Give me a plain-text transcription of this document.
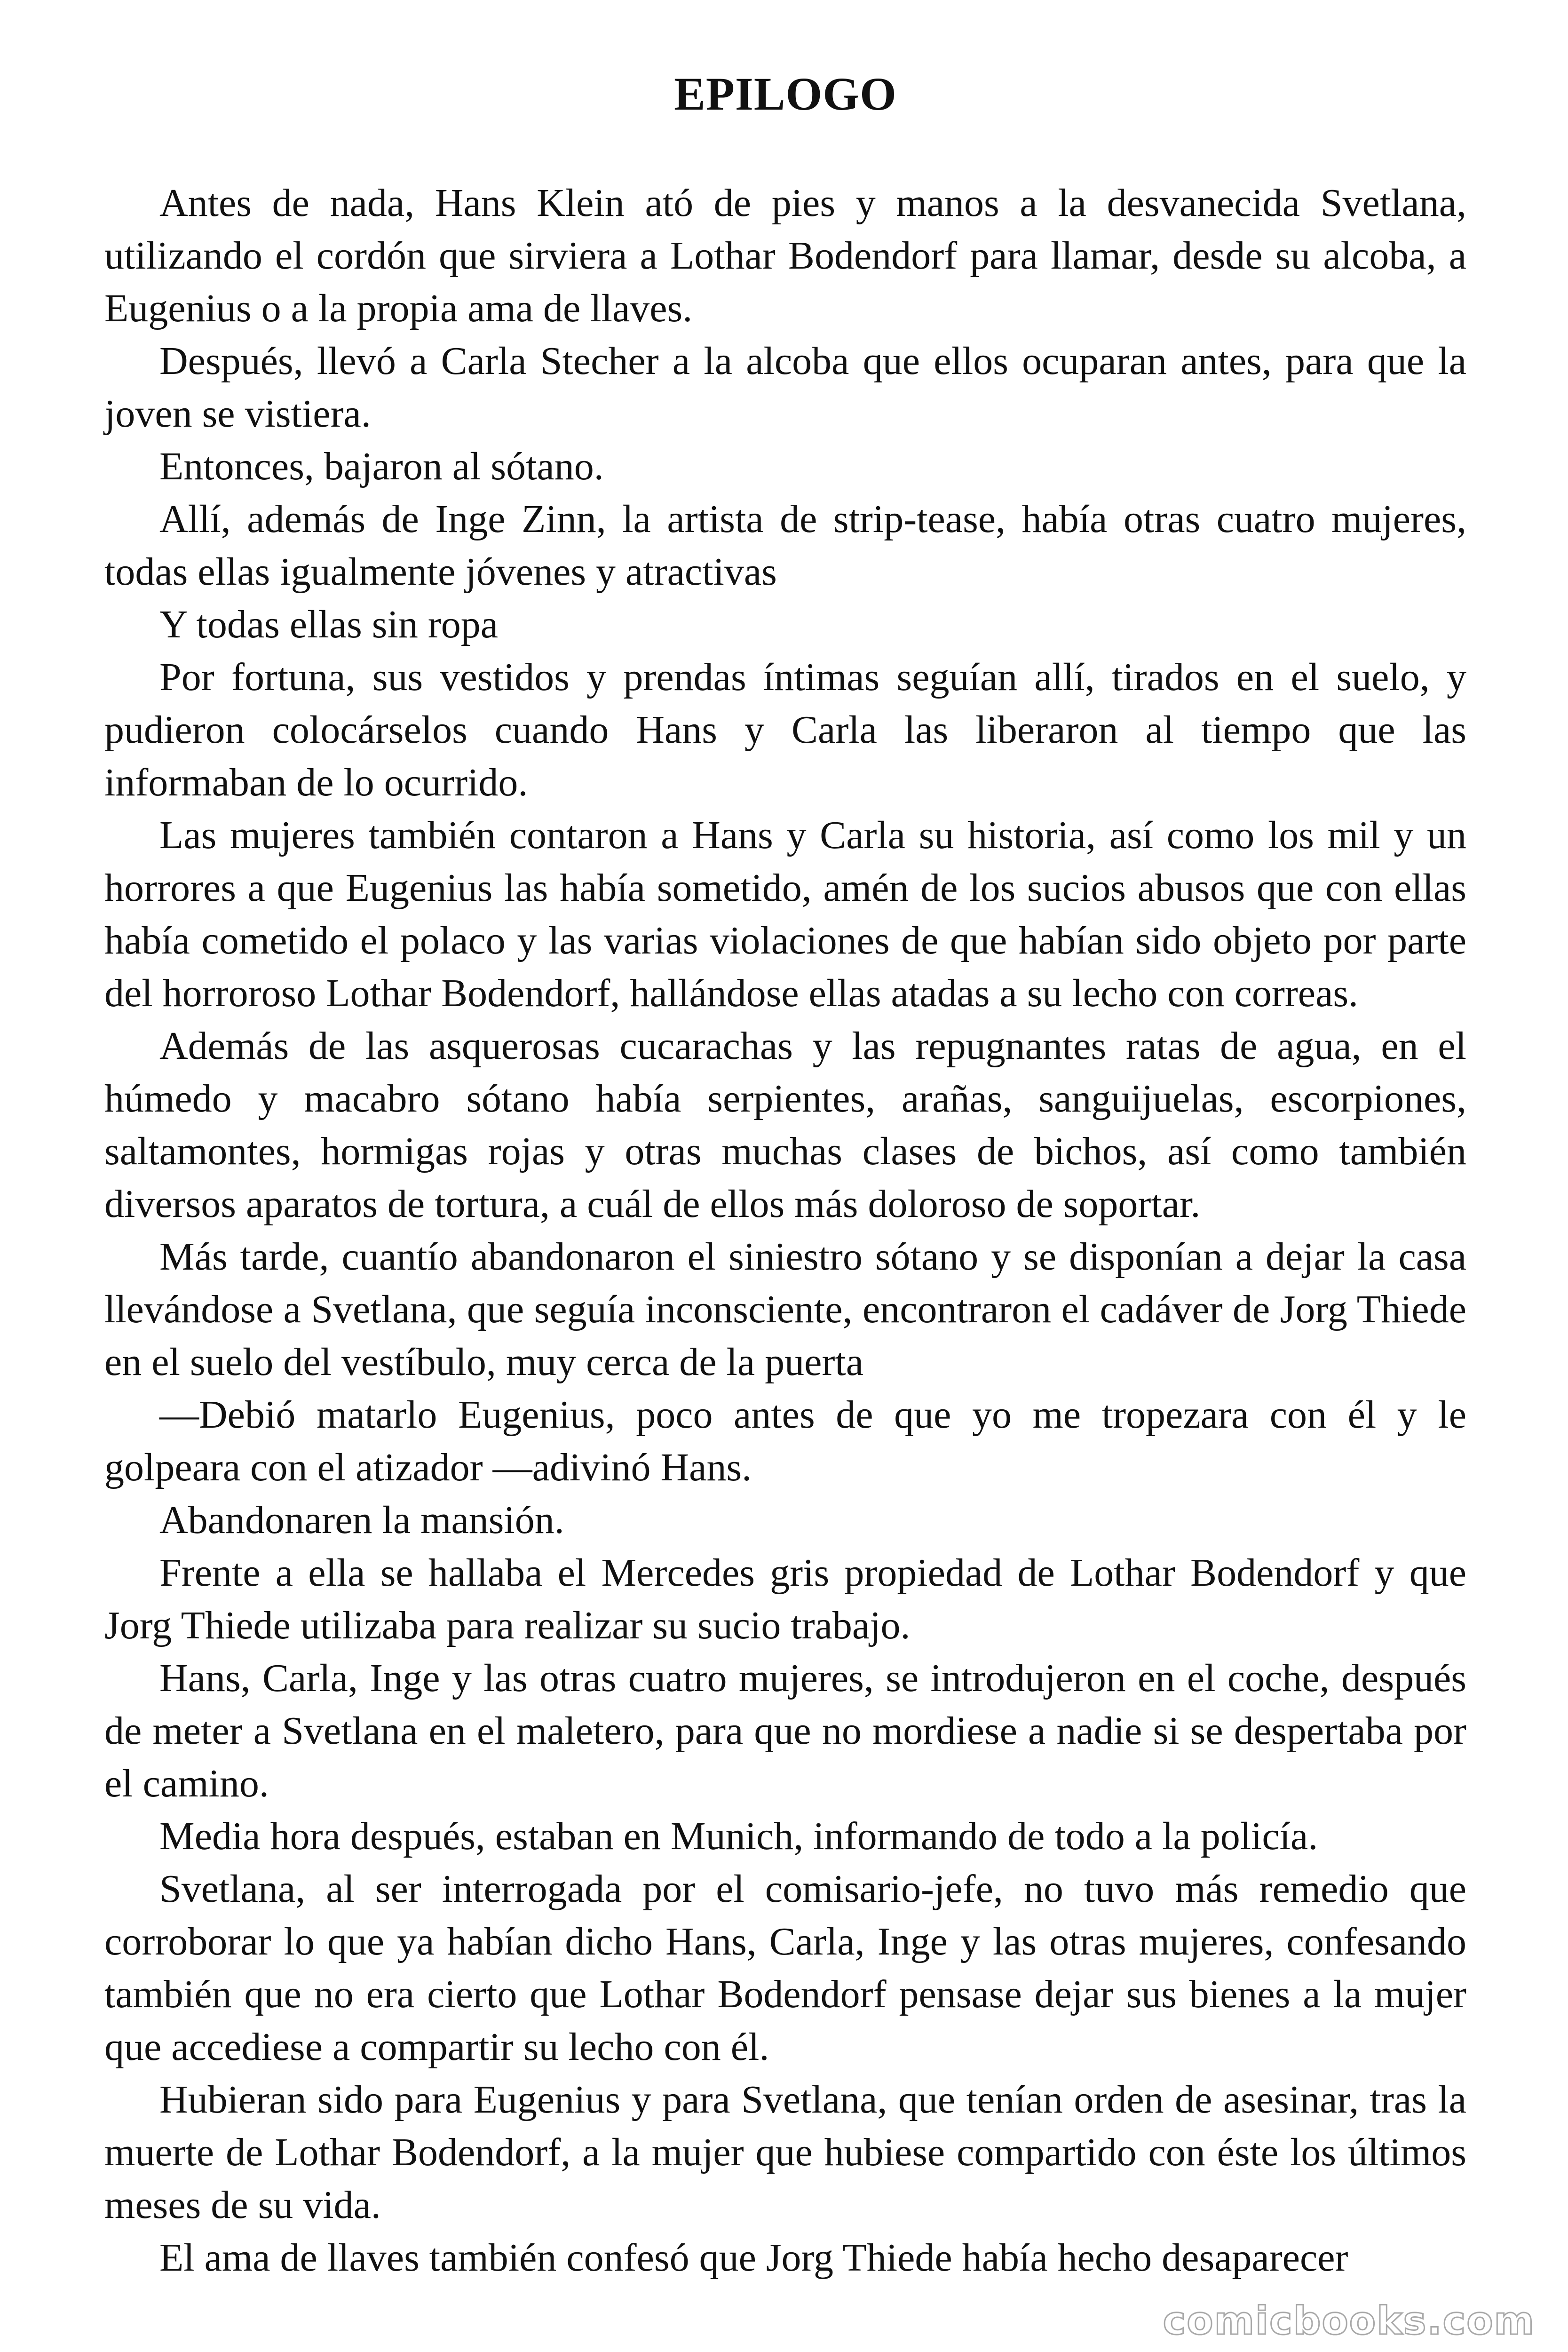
EPILOGO

Antes de nada, Hans Klein ató de pies y manos a la desvanecida Svetlana, utilizando el cordón que sirviera a Lothar Bodendorf para llamar, desde su alcoba, a Eugenius o a la propia ama de llaves.

Después, llevó a Carla Stecher a la alcoba que ellos ocuparan antes, para que la joven se vistiera.

Entonces, bajaron al sótano.

Allí, además de Inge Zinn, la artista de strip-tease, había otras cuatro mujeres, todas ellas igualmente jóvenes y atractivas

Y todas ellas sin ropa

Por fortuna, sus vestidos y prendas íntimas seguían allí, tirados en el suelo, y pudieron colocárselos cuando Hans y Carla las liberaron al tiempo que las informaban de lo ocurrido.

Las mujeres también contaron a Hans y Carla su historia, así como los mil y un horrores a que Eugenius las había sometido, amén de los sucios abusos que con ellas había cometido el polaco y las varias violaciones de que habían sido objeto por parte del horroroso Lothar Bodendorf, hallándose ellas atadas a su lecho con correas.

Además de las asquerosas cucarachas y las repugnantes ratas de agua, en el húmedo y macabro sótano había serpientes, arañas, sanguijuelas, escorpiones, saltamontes, hormigas rojas y otras muchas clases de bichos, así como también diversos aparatos de tortura, a cuál de ellos más doloroso de soportar.

Más tarde, cuantío abandonaron el siniestro sótano y se disponían a dejar la casa llevándose a Svetlana, que seguía inconsciente, encontraron el cadáver de Jorg Thiede en el suelo del vestíbulo, muy cerca de la puerta

—Debió matarlo Eugenius, poco antes de que yo me tropezara con él y le golpeara con el atizador —adivinó Hans.

Abandonaren la mansión.

Frente a ella se hallaba el Mercedes gris propiedad de Lothar Bodendorf y que Jorg Thiede utilizaba para realizar su sucio trabajo.

Hans, Carla, Inge y las otras cuatro mujeres, se introdujeron en el coche, después de meter a Svetlana en el maletero, para que no mordiese a nadie si se despertaba por el camino.

Media hora después, estaban en Munich, informando de todo a la policía.

Svetlana, al ser interrogada por el comisario-jefe, no tuvo más remedio que corroborar lo que ya habían dicho Hans, Carla, Inge y las otras mujeres, confesando también que no era cierto que Lothar Bodendorf pensase dejar sus bienes a la mujer que accediese a compartir su lecho con él.

Hubieran sido para Eugenius y para Svetlana, que tenían orden de asesinar, tras la muerte de Lothar Bodendorf, a la mujer que hubiese compartido con éste los últimos meses de su vida.

El ama de llaves también confesó que Jorg Thiede había hecho desaparecer

comicbooks.com
